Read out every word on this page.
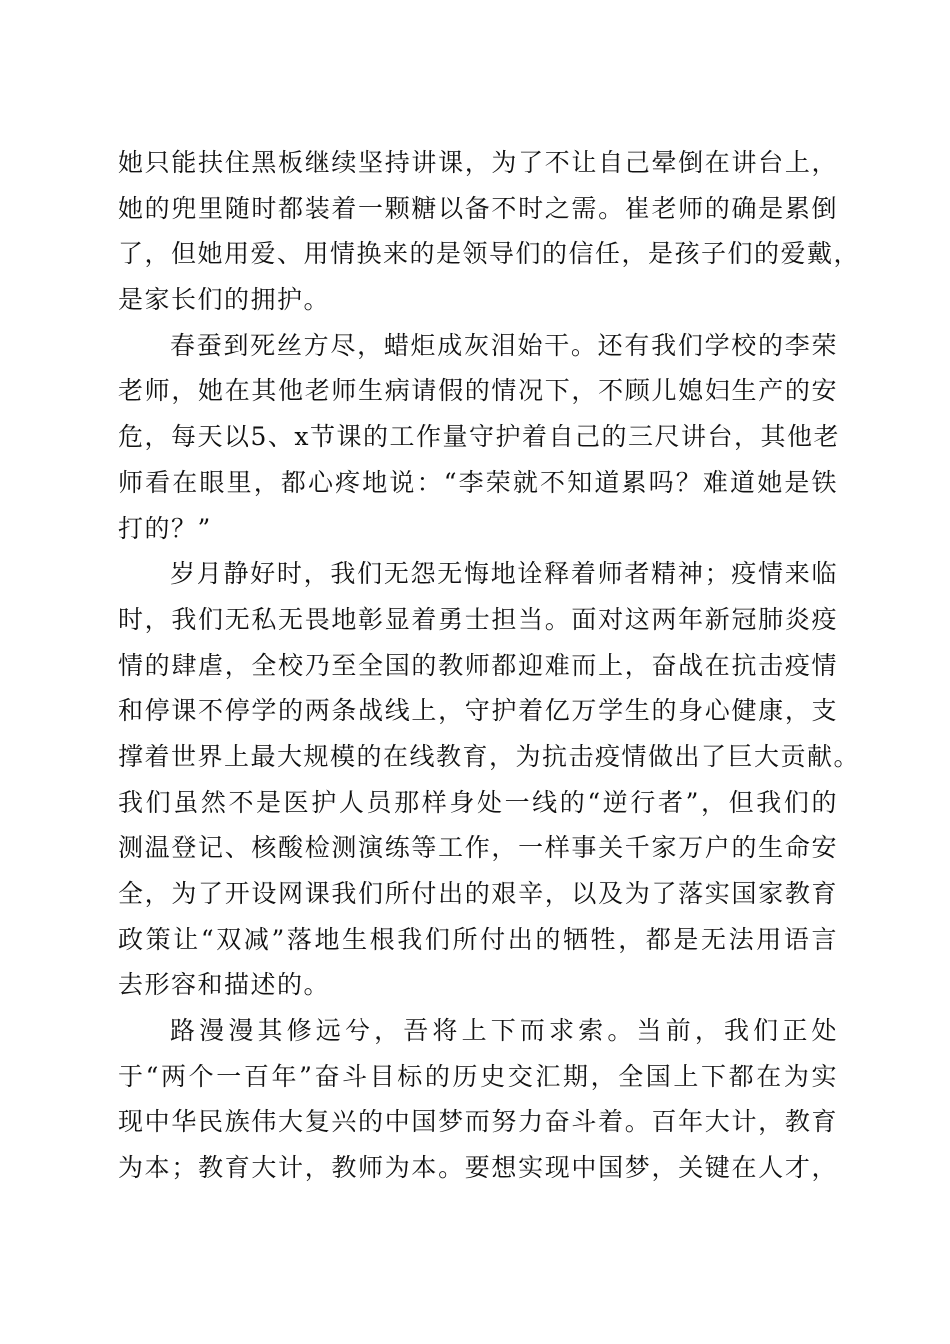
她只能扶住黑板继续坚持讲课，为了不让自己晕倒在讲台上，
她的兜里随时都装着一颗糖以备不时之需。崔老师的确是累倒
了，但她用爱、用情换来的是领导们的信任，是孩子们的爱戴，
是家长们的拥护。
春蚕到死丝方尽，蜡炬成灰泪始干。还有我们学校的李荣
老师，她在其他老师生病请假的情况下，不顾儿媳妇生产的安
危，每天以5、x节课的工作量守护着自己的三尺讲台，其他老
师看在眼里，都心疼地说：“李荣就不知道累吗？难道她是铁
打的？”
岁月静好时，我们无怨无悔地诠释着师者精神；疫情来临
时，我们无私无畏地彰显着勇士担当。面对这两年新冠肺炎疫
情的肆虐，全校乃至全国的教师都迎难而上，奋战在抗击疫情
和停课不停学的两条战线上，守护着亿万学生的身心健康，支
撑着世界上最大规模的在线教育，为抗击疫情做出了巨大贡献。
我们虽然不是医护人员那样身处一线的“逆行者”，但我们的
测温登记、核酸检测演练等工作，一样事关千家万户的生命安
全，为了开设网课我们所付出的艰辛，以及为了落实国家教育
政策让“双减”落地生根我们所付出的牺牲，都是无法用语言
去形容和描述的。
路漫漫其修远兮，吾将上下而求索。当前，我们正处
于“两个一百年”奋斗目标的历史交汇期，全国上下都在为实
现中华民族伟大复兴的中国梦而努力奋斗着。百年大计，教育
为本；教育大计，教师为本。要想实现中国梦，关键在人才，
